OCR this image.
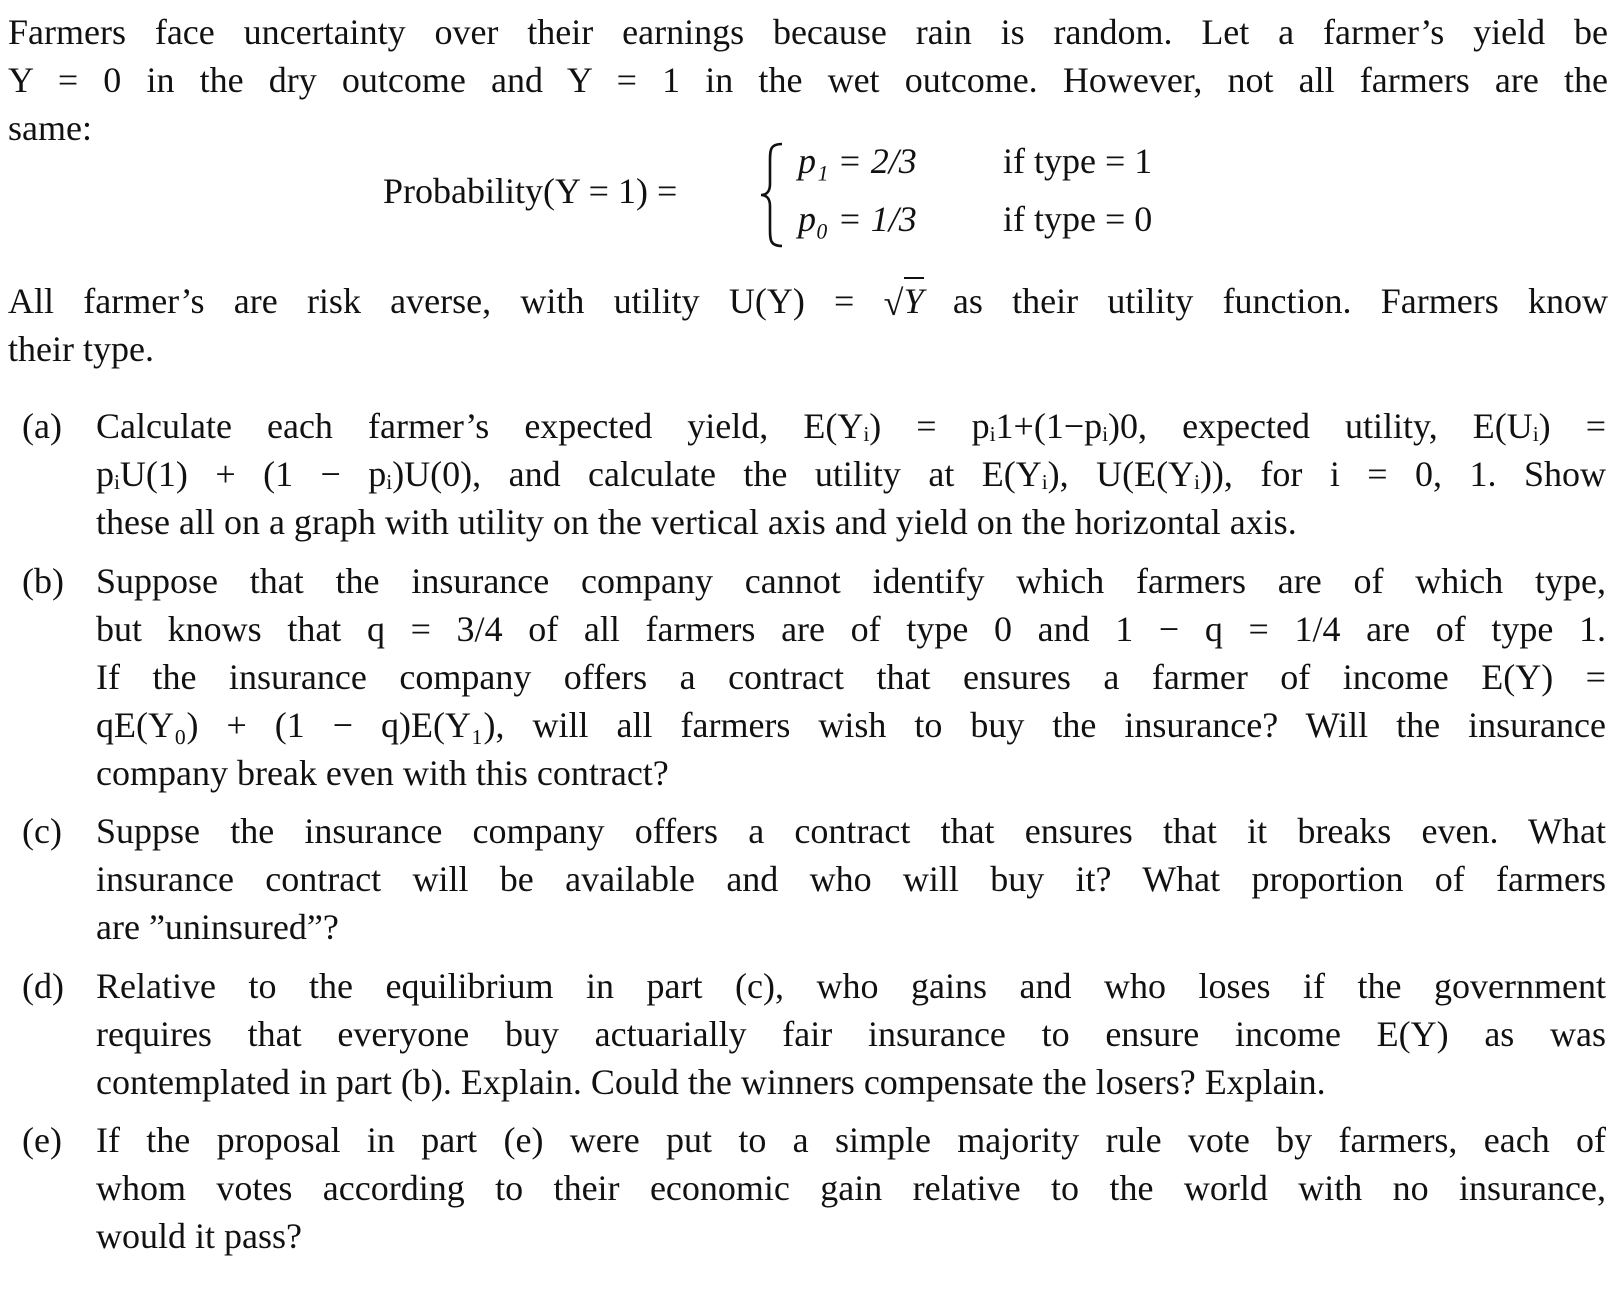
Farmers face uncertainty over their earnings because rain is random. Let a farmer’s yield be
Y = 0 in the dry outcome and Y = 1 in the wet outcome. However, not all farmers are the
same:
Probability(Y = 1) =
p₁ = 2/3 if type = 1
p₀ = 1/3 if type = 0
All farmer’s are risk averse, with utility U(Y) = √ Y as their utility function. Farmers know
their type.
(a) Calculate each farmer’s expected yield, E(Yᵢ) = pᵢ1+(1−pᵢ)0, expected utility, E(Uᵢ) =
pᵢU(1) + (1 − pᵢ)U(0), and calculate the utility at E(Yᵢ), U(E(Yᵢ)), for i = 0, 1. Show
these all on a graph with utility on the vertical axis and yield on the horizontal axis.
(b) Suppose that the insurance company cannot identify which farmers are of which type,
but knows that q = 3/4 of all farmers are of type 0 and 1 − q = 1/4 are of type 1.
If the insurance company offers a contract that ensures a farmer of income E(Y) =
qE(Y₀) + (1 − q)E(Y₁), will all farmers wish to buy the insurance? Will the insurance
company break even with this contract?
(c) Suppse the insurance company offers a contract that ensures that it breaks even. What
insurance contract will be available and who will buy it? What proportion of farmers
are ”uninsured”?
(d) Relative to the equilibrium in part (c), who gains and who loses if the government
requires that everyone buy actuarially fair insurance to ensure income E(Y) as was
contemplated in part (b). Explain. Could the winners compensate the losers? Explain.
(e) If the proposal in part (e) were put to a simple majority rule vote by farmers, each of
whom votes according to their economic gain relative to the world with no insurance,
would it pass?
